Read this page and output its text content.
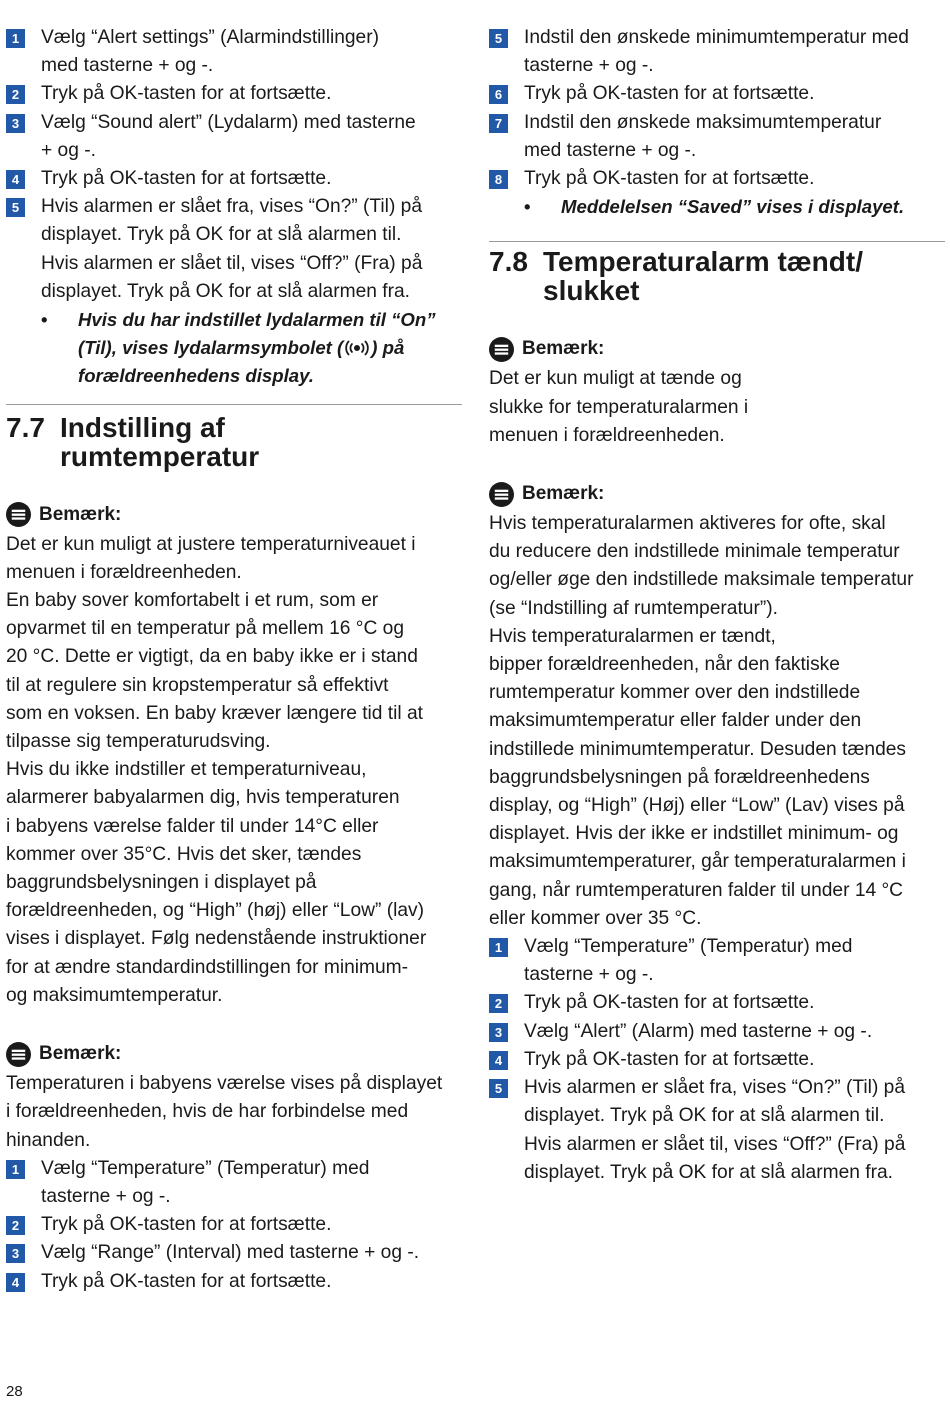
1	Vælg “Alert settings” (Alarmindstillinger)

med tasterne + og -.

2	Tryk på OK-tasten for at fortsætte.

3	Vælg “Sound alert” (Lydalarm) med tasterne

+ og -.

4	Tryk på OK-tasten for at fortsætte.

5	Hvis alarmen er slået fra, vises “On?” (Til) på

displayet. Tryk på OK for at slå alarmen til.

Hvis alarmen er slået til, vises “Off?” (Fra) på

displayet. Tryk på OK for at slå alarmen fra.

• Hvis du har indstillet lydalarmen til “On”
(Til), vises lydalarmsymbolet ( ) på
forældreenhedens display.
7.7 Indstilling af
rumtemperatur
Bemærk:

Det er kun muligt at justere temperaturniveauet i

menuen i forældreenheden.

En baby sover komfortabelt i et rum, som er

opvarmet til en temperatur på mellem 16 °C og

20 °C. Dette er vigtigt, da en baby ikke er i stand

til at regulere sin kropstemperatur så effektivt

som en voksen. En baby kræver længere tid til at

tilpasse sig temperaturudsving.

Hvis du ikke indstiller et temperaturniveau,

alarmerer babyalarmen dig, hvis temperaturen

i babyens værelse falder til under 14°C eller

kommer over 35°C. Hvis det sker, tændes

baggrundsbelysningen i displayet på

forældreenheden, og “High” (høj) eller “Low” (lav)

vises i displayet. Følg nedenstående instruktioner

for at ændre standardindstillingen for minimum-

og maksimumtemperatur.

Bemærk:

Temperaturen i babyens værelse vises på displayet

i forældreenheden, hvis de har forbindelse med

hinanden.

1	Vælg “Temperature” (Temperatur) med

tasterne + og -.

2	Tryk på OK-tasten for at fortsætte.

3	Vælg “Range” (Interval) med tasterne + og -.

4	Tryk på OK-tasten for at fortsætte.

5	Indstil den ønskede minimumtemperatur med

tasterne + og -.

6	Tryk på OK-tasten for at fortsætte.

7	Indstil den ønskede maksimumtemperatur

med tasterne + og -.

8	Tryk på OK-tasten for at fortsætte.

• Meddelelsen “Saved” vises i displayet.
7.8 Temperaturalarm tændt/
slukket
Bemærk:

Det er kun muligt at tænde og

slukke for temperaturalarmen i

menuen i forældreenheden.

Bemærk:

Hvis temperaturalarmen aktiveres for ofte, skal

du reducere den indstillede minimale temperatur

og/eller øge den indstillede maksimale temperatur

(se “Indstilling af rumtemperatur”).

Hvis temperaturalarmen er tændt,

bipper forældreenheden, når den faktiske

rumtemperatur kommer over den indstillede

maksimumtemperatur eller falder under den

indstillede minimumtemperatur. Desuden tændes

baggrundsbelysningen på forældreenhedens

display, og “High” (Høj) eller “Low” (Lav) vises på

displayet. Hvis der ikke er indstillet minimum- og

maksimumtemperaturer, går temperaturalarmen i

gang, når rumtemperaturen falder til under 14 °C

eller kommer over 35 °C.

1	Vælg “Temperature” (Temperatur) med

tasterne + og -.

2	Tryk på OK-tasten for at fortsætte.

3	Vælg “Alert” (Alarm) med tasterne + og -.

4	Tryk på OK-tasten for at fortsætte.

5	Hvis alarmen er slået fra, vises “On?” (Til) på

displayet. Tryk på OK for at slå alarmen til.

Hvis alarmen er slået til, vises “Off?” (Fra) på

displayet. Tryk på OK for at slå alarmen fra.

28
